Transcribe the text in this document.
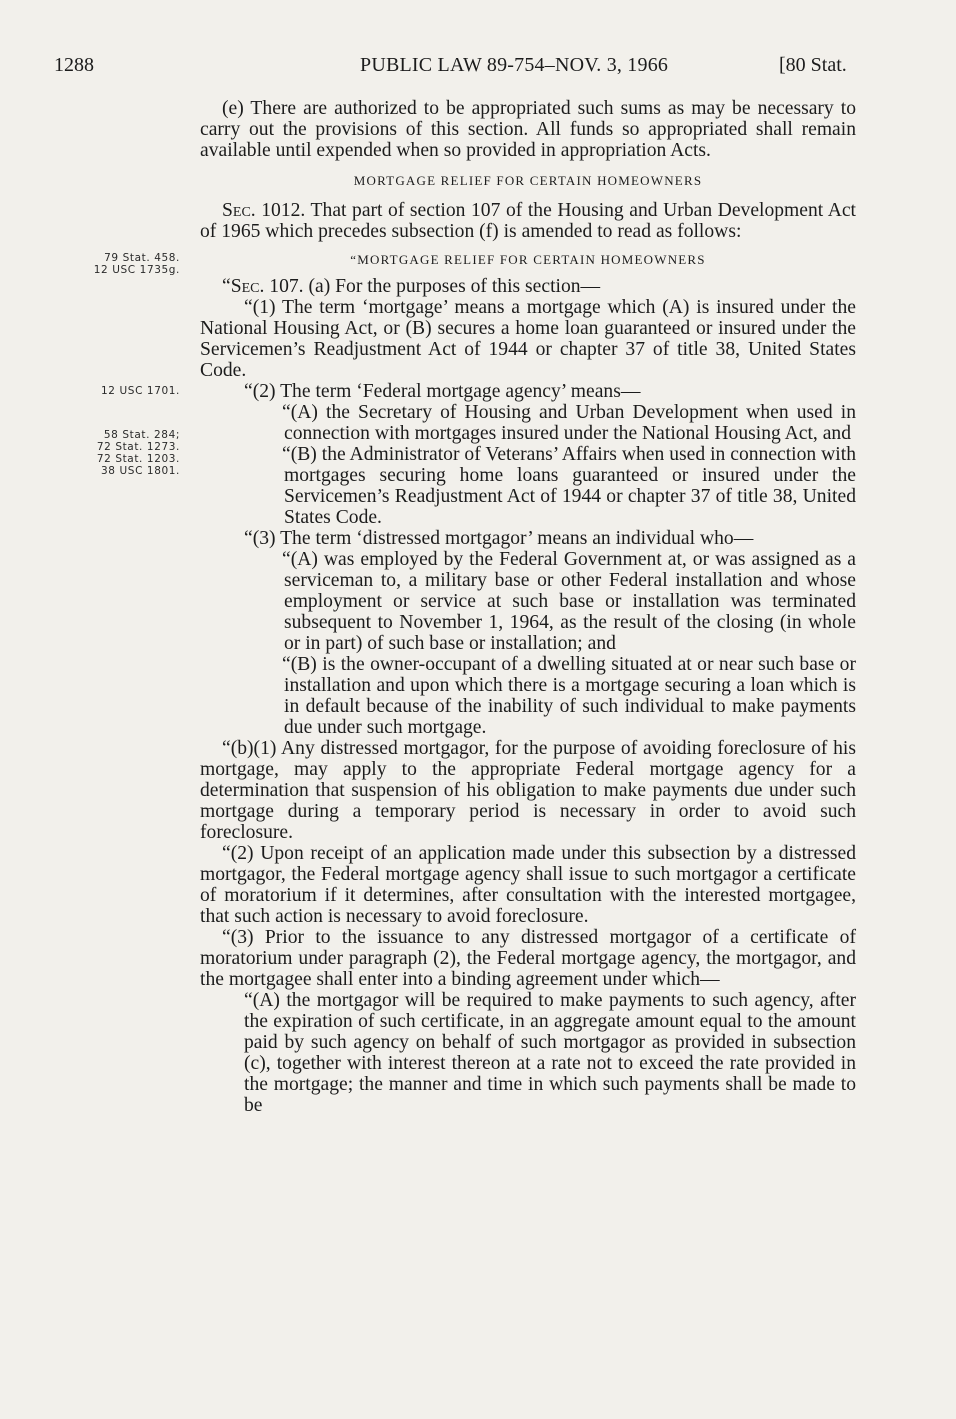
1288	PUBLIC LAW 89-754–NOV. 3, 1966	[80 Stat.
79 Stat. 458.
12 USC 1735g.
12 USC 1701.
58 Stat. 284;
72 Stat. 1273.
72 Stat. 1203.
38 USC 1801.

(e) There are authorized to be appropriated such sums as may be necessary to carry out the provisions of this section. All funds so appropriated shall remain available until expended when so provided in appropriation Acts.

MORTGAGE RELIEF FOR CERTAIN HOMEOWNERS

Sec. 1012. That part of section 107 of the Housing and Urban Development Act of 1965 which precedes subsection (f) is amended to read as follows:

“MORTGAGE RELIEF FOR CERTAIN HOMEOWNERS

“Sec. 107. (a) For the purposes of this section—

“(1) The term ‘mortgage’ means a mortgage which (A) is insured under the National Housing Act, or (B) secures a home loan guaranteed or insured under the Servicemen’s Readjustment Act of 1944 or chapter 37 of title 38, United States Code.

“(2) The term ‘Federal mortgage agency’ means—

“(A) the Secretary of Housing and Urban Development when used in connection with mortgages insured under the National Housing Act, and

“(B) the Administrator of Veterans’ Affairs when used in connection with mortgages securing home loans guaranteed or insured under the Servicemen’s Readjustment Act of 1944 or chapter 37 of title 38, United States Code.

“(3) The term ‘distressed mortgagor’ means an individual who—

“(A) was employed by the Federal Government at, or was assigned as a serviceman to, a military base or other Federal installation and whose employment or service at such base or installation was terminated subsequent to November 1, 1964, as the result of the closing (in whole or in part) of such base or installation; and

“(B) is the owner-occupant of a dwelling situated at or near such base or installation and upon which there is a mortgage securing a loan which is in default because of the inability of such individual to make payments due under such mortgage.

“(b)(1) Any distressed mortgagor, for the purpose of avoiding foreclosure of his mortgage, may apply to the appropriate Federal mortgage agency for a determination that suspension of his obligation to make payments due under such mortgage during a temporary period is necessary in order to avoid such foreclosure.

“(2) Upon receipt of an application made under this subsection by a distressed mortgagor, the Federal mortgage agency shall issue to such mortgagor a certificate of moratorium if it determines, after consultation with the interested mortgagee, that such action is necessary to avoid foreclosure.

“(3) Prior to the issuance to any distressed mortgagor of a certificate of moratorium under paragraph (2), the Federal mortgage agency, the mortgagor, and the mortgagee shall enter into a binding agreement under which—

“(A) the mortgagor will be required to make payments to such agency, after the expiration of such certificate, in an aggregate amount equal to the amount paid by such agency on behalf of such mortgagor as provided in subsection (c), together with interest thereon at a rate not to exceed the rate provided in the mortgage; the manner and time in which such payments shall be made to be
